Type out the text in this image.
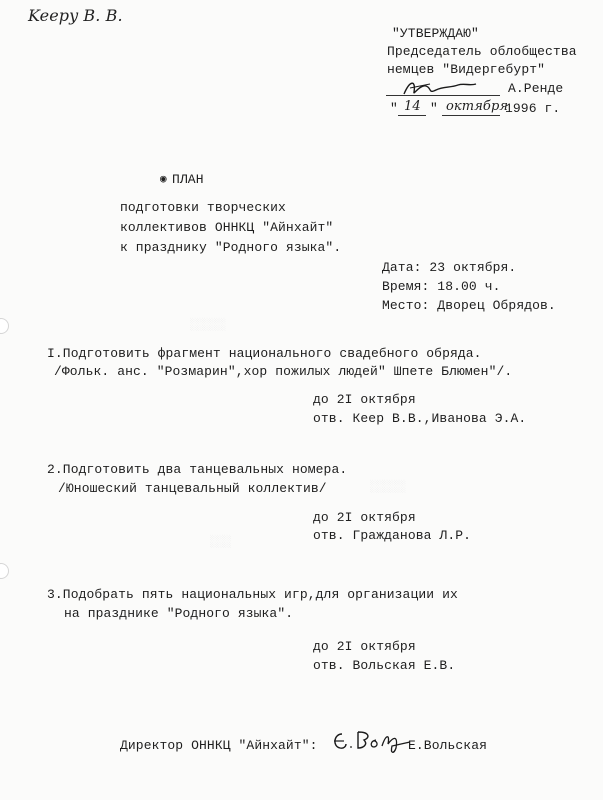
░░░░░
░░░░░
░░░
Keepy В. В.
"УТВЕРЖДАЮ"
Председатель облобщества
немцев "Видергебурт"
А.Ренде
" 14 " октября
1996 г.
◉ ПЛАН
подготовки творческих
коллективов ОННКЦ "Айнхайт"
к празднику "Родного языка".
Дата: 23 октября.
Время: 18.00 ч.
Место: Дворец Обрядов.
I.Подготовить фрагмент национального свадебного обряда.
/Фольк. анс. "Розмарин",хор пожилых людей" Шпете Блюмен"/.
до 2I октября
отв. Кеер В.В.,Иванова Э.А.
2.Подготовить два танцевальных номера.
/Юношеский танцевальный коллектив/
до 2I октября
отв. Гражданова Л.Р.
3.Подобрать пять национальных игр,для организации их
на празднике "Родного языка".
до 2I октября
отв. Вольская Е.В.
Директор ОННКЦ "Айнхайт":	Е.Вольская
